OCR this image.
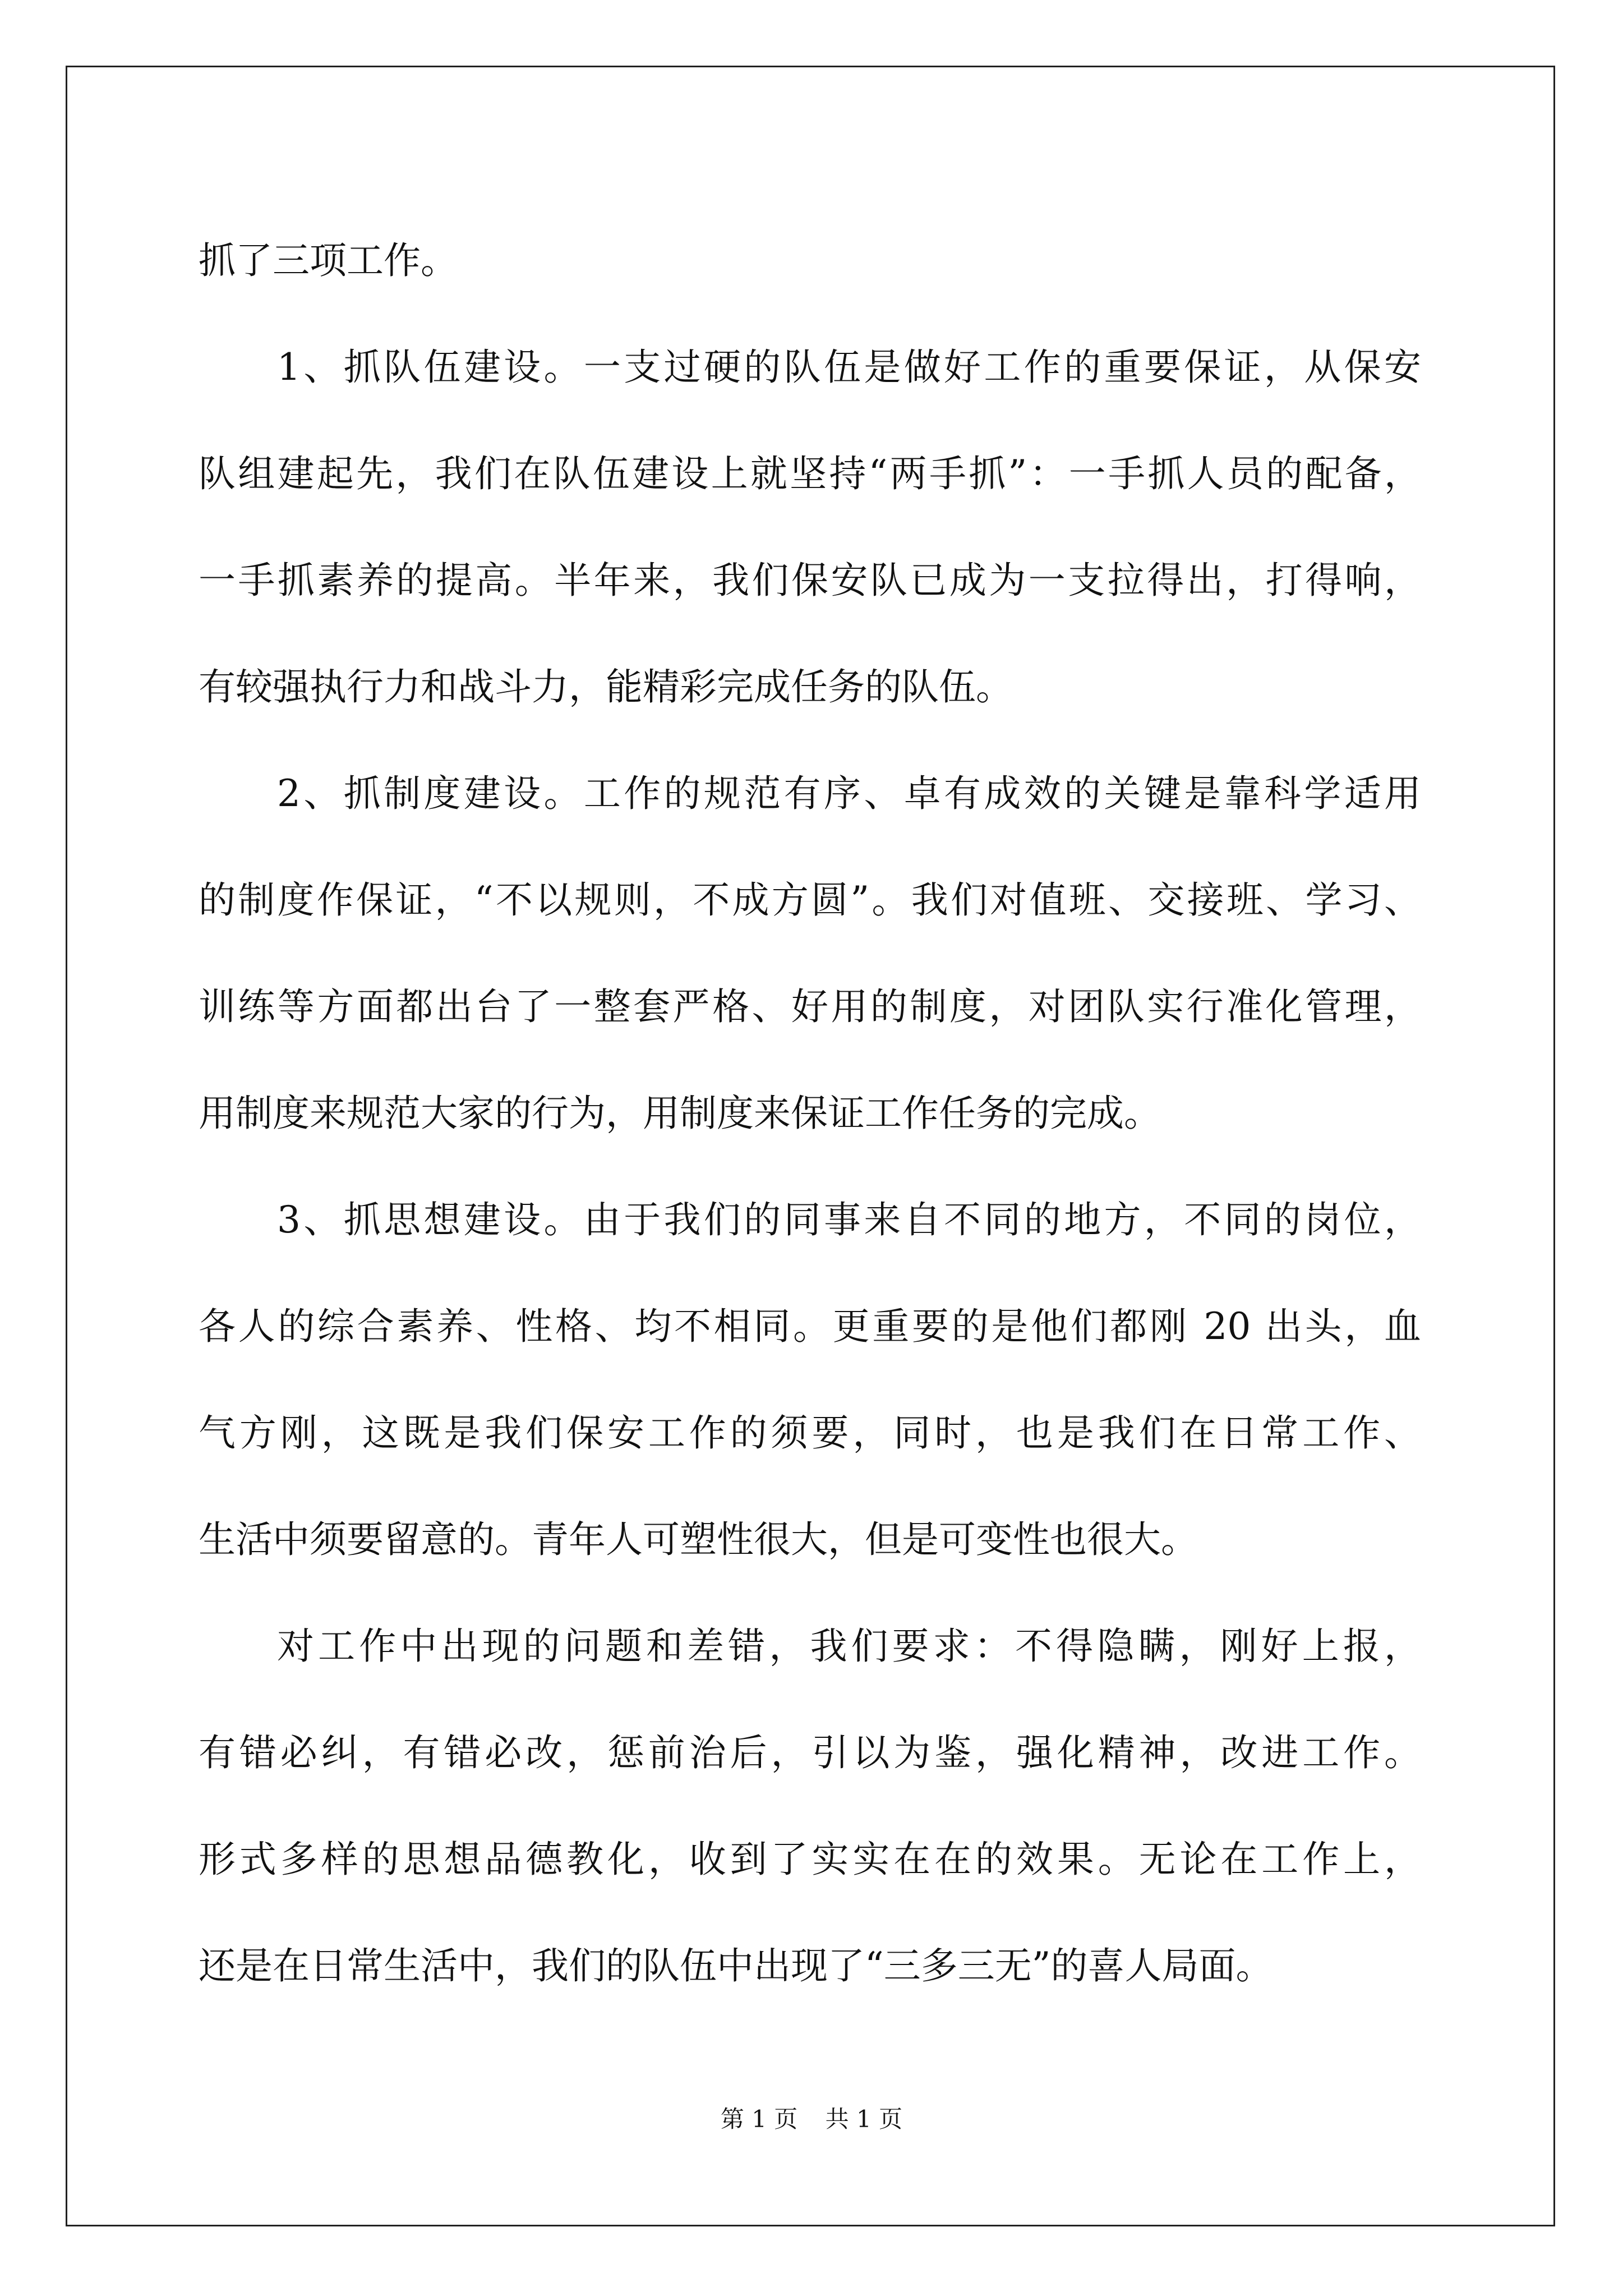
抓了三项工作。
1、抓队伍建设。一支过硬的队伍是做好工作的重要保证，从保安
队组建起先，我们在队伍建设上就坚持“两手抓”：一手抓人员的配备，
一手抓素养的提高。半年来，我们保安队已成为一支拉得出，打得响，
有较强执行力和战斗力，能精彩完成任务的队伍。
2、抓制度建设。工作的规范有序、卓有成效的关键是靠科学适用
的制度作保证，“不以规则，不成方圆”。我们对值班、交接班、学习、
训练等方面都出台了一整套严格、好用的制度，对团队实行准化管理，
用制度来规范大家的行为，用制度来保证工作任务的完成。
3、抓思想建设。由于我们的同事来自不同的地方，不同的岗位，
各人的综合素养、性格、均不相同。更重要的是他们都刚 20 出头，血
气方刚，这既是我们保安工作的须要，同时，也是我们在日常工作、
生活中须要留意的。青年人可塑性很大，但是可变性也很大。
对工作中出现的问题和差错，我们要求：不得隐瞒，刚好上报，
有错必纠，有错必改，惩前治后，引以为鉴，强化精神，改进工作。
形式多样的思想品德教化，收到了实实在在的效果。无论在工作上，
还是在日常生活中，我们的队伍中出现了“三多三无”的喜人局面。
第 1 页 共 1 页
